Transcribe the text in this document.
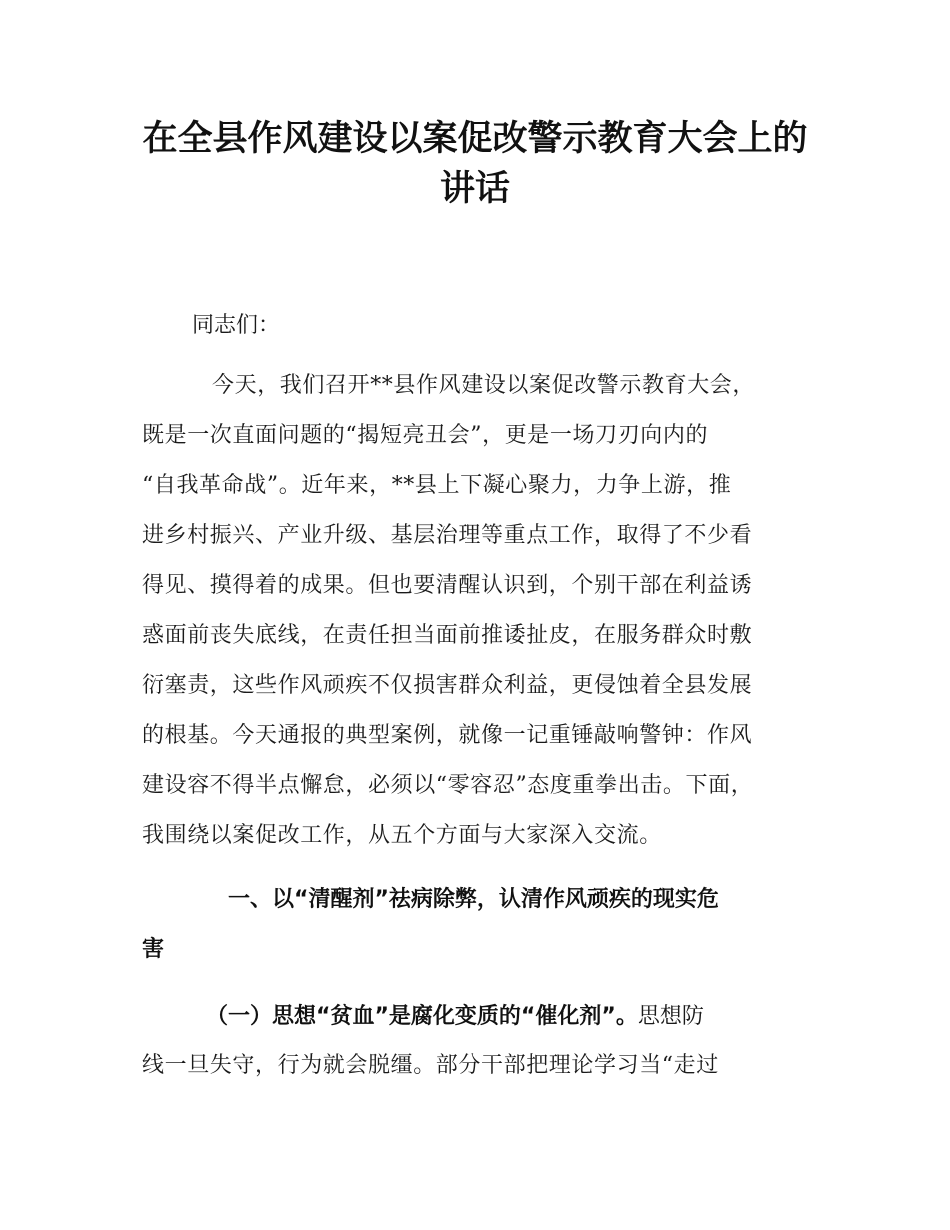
在全县作风建设以案促改警示教育大会上的
讲话

同志们：

今天，我们召开**县作风建设以案促改警示教育大会，

既是一次直面问题的“揭短亮丑会”，更是一场刀刃向内的

“自我革命战”。近年来，**县上下凝心聚力，力争上游，推

进乡村振兴、产业升级、基层治理等重点工作，取得了不少看

得见、摸得着的成果。但也要清醒认识到，个别干部在利益诱

惑面前丧失底线，在责任担当面前推诿扯皮，在服务群众时敷

衍塞责，这些作风顽疾不仅损害群众利益，更侵蚀着全县发展

的根基。今天通报的典型案例，就像一记重锤敲响警钟：作风

建设容不得半点懈怠，必须以“零容忍”态度重拳出击。下面，

我围绕以案促改工作，从五个方面与大家深入交流。

一、以“清醒剂”祛病除弊，认清作风顽疾的现实危

害

（一）思想“贫血”是腐化变质的“催化剂”。思想防

线一旦失守，行为就会脱缰。部分干部把理论学习当“走过
